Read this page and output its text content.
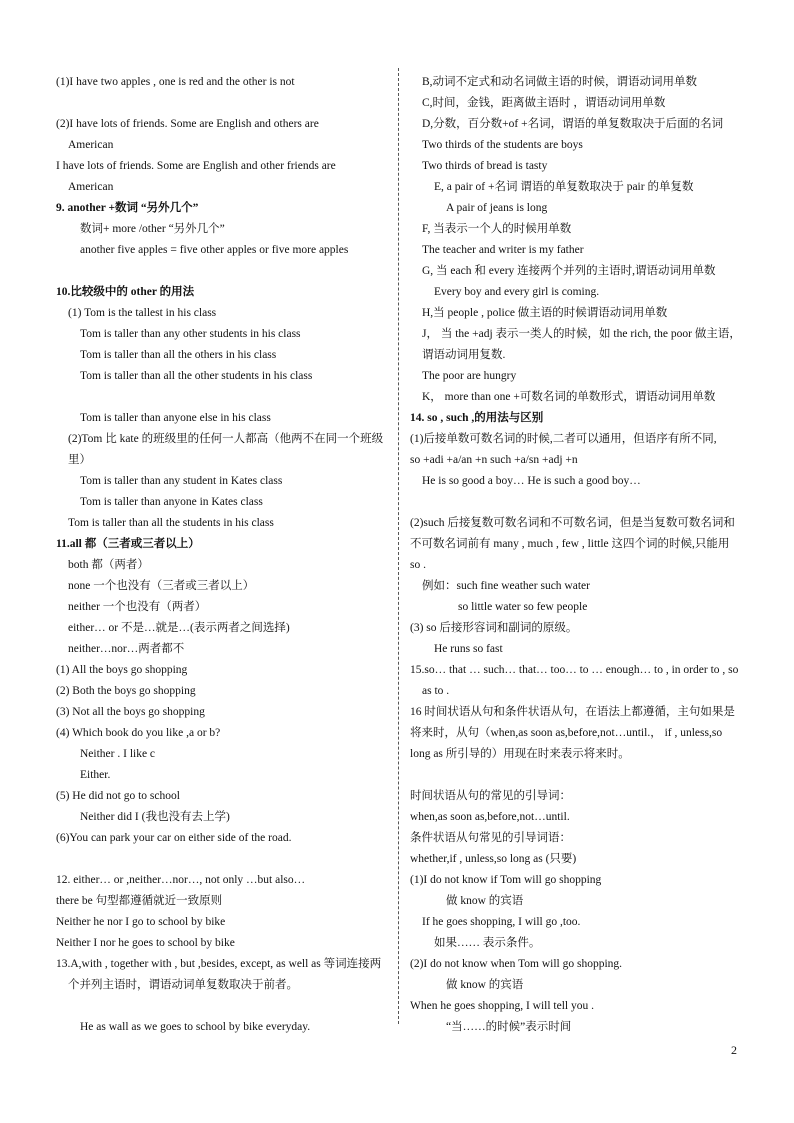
(1)I have two apples , one is red and the other is not
(2)I have lots of friends. Some are English and others are
American
I have lots of friends. Some are English and other friends are
American
9. another +数词 “另外几个”
数词+ more /other “另外几个”
another five apples = five other apples or five more apples
10.比较级中的 other 的用法
(1) Tom is the tallest in his class
Tom is taller than any other students in his class
Tom is taller than all the others in his class
Tom is taller than all the other students in his class
Tom is taller than anyone else in his class
(2)Tom 比 kate 的班级里的任何一人都高（他两不在同一个班级里）
Tom is taller than any student in Kates class
Tom is taller than anyone in Kates class
Tom is taller than all the students in his class
11.all 都（三者或三者以上）
both 都（两者）
none 一个也没有（三者或三者以上）
neither 一个也没有（两者）
either… or 不是…就是…(表示两者之间选择)
neither…nor…两者都不
(1) All the boys go shopping
(2) Both the boys go shopping
(3) Not all the boys go shopping
(4) Which book do you like ,a or b?
Neither . I like c
Either.
(5) He did not go to school
Neither did I (我也没有去上学)
(6)You can park your car on either side of the road.
12. either… or ,neither…nor…, not only …but also…
there be 句型都遵循就近一致原则
Neither he nor I go to school by bike
Neither I nor he goes to school by bike
13.A,with , together with , but ,besides, except, as well as 等词连接两个并列主语时，谓语动词单复数取决于前者。
He as wall as we goes to school by bike everyday.
B,动词不定式和动名词做主语的时候，谓语动词用单数
C,时间，金钱，距离做主语时 ，谓语动词用单数
D,分数，百分数+of +名词，谓语的单复数取决于后面的名词
Two thirds of the students are boys
Two thirds of bread is tasty
E, a pair of +名词 谓语的单复数取决于 pair 的单复数
A pair of jeans is long
F, 当表示一个人的时候用单数
The teacher and writer is my father
G, 当 each 和 every 连接两个并列的主语时,谓语动词用单数
Every boy and every girl is coming.
H,当 people , police 做主语的时候谓语动词用单数
J， 当 the +adj 表示一类人的时候，如 the rich, the poor 做主语，谓语动词用复数.
The poor are hungry
K， more than one +可数名词的单数形式，谓语动词用单数
14. so , such ,的用法与区别
(1)后接单数可数名词的时候,二者可以通用，但语序有所不同,
so +adi +a/an +n such +a/sn +adj +n
He is so good a boy… He is such a good boy…
(2)such 后接复数可数名词和不可数名词，但是当复数可数名词和不可数名词前有 many , much , few , little 这四个词的时候,只能用 so .
例如：such fine weather such water
so little water so few people
(3) so 后接形容词和副词的原级。
He runs so fast
15.so… that … such… that… too… to … enough… to , in order to , so as to .
16 时间状语从句和条件状语从句，在语法上都遵循，主句如果是将来时，从句（when,as soon as,before,not…until.， if , unless,so long as 所引导的）用现在时来表示将来时。
时间状语从句的常见的引导词：
when,as soon as,before,not…until.
条件状语从句常见的引导词语：
whether,if , unless,so long as (只要)
(1)I do not know if Tom will go shopping
做 know 的宾语
If he goes shopping, I will go ,too.
如果…… 表示条件。
(2)I do not know when Tom will go shopping.
做 know 的宾语
When he goes shopping, I will tell you .
“当……的时候”表示时间
2
